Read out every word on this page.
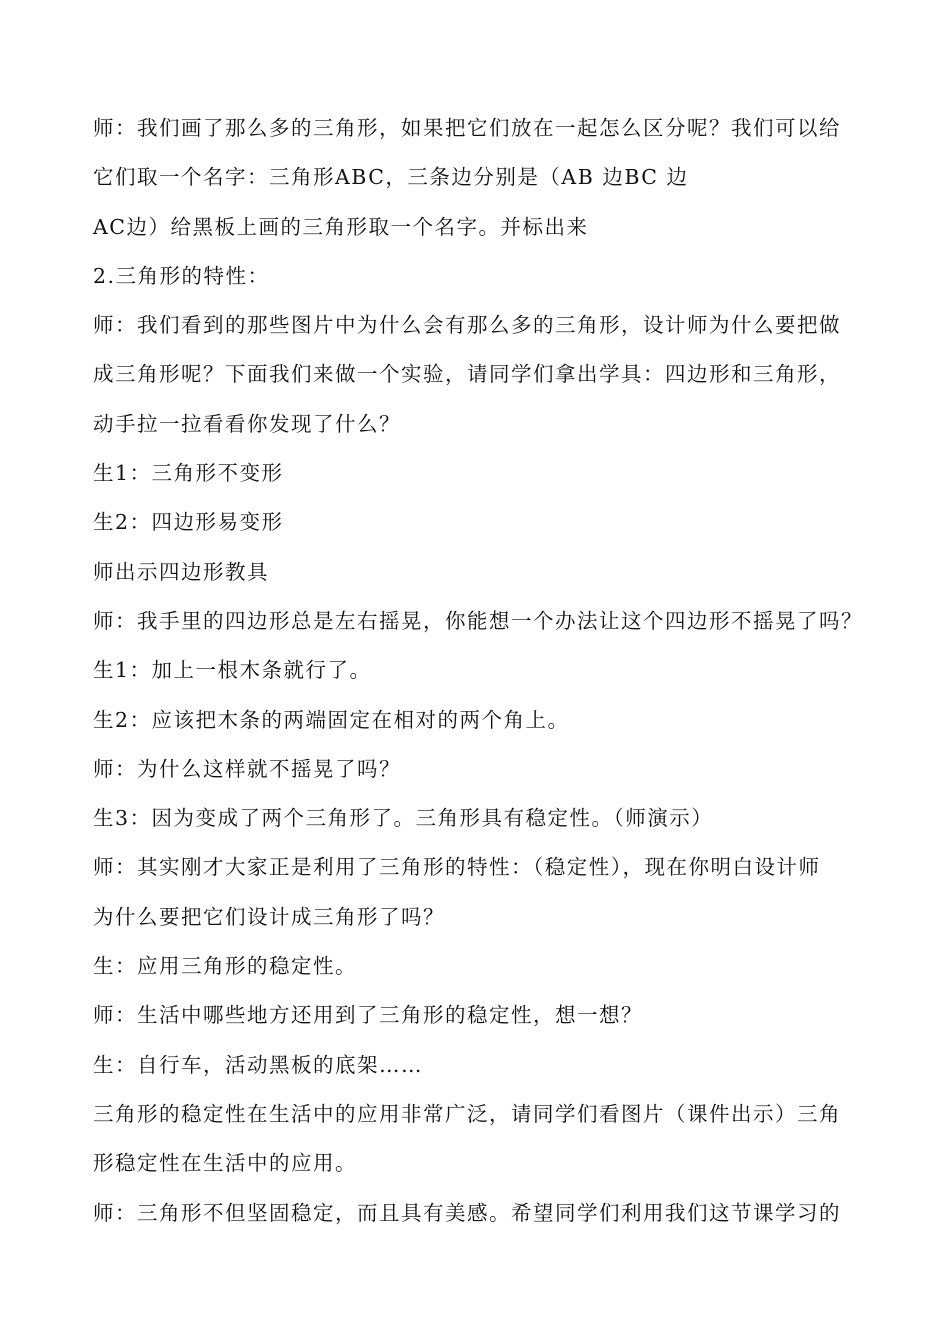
师：我们画了那么多的三角形，如果把它们放在一起怎么区分呢？我们可以给
它们取一个名字：三角形ABC，三条边分别是（AB 边BC 边
AC边）给黑板上画的三角形取一个名字。并标出来
2.三角形的特性：
师：我们看到的那些图片中为什么会有那么多的三角形，设计师为什么要把做
成三角形呢？下面我们来做一个实验，请同学们拿出学具：四边形和三角形，
动手拉一拉看看你发现了什么？
生1：三角形不变形
生2：四边形易变形
师出示四边形教具
师：我手里的四边形总是左右摇晃，你能想一个办法让这个四边形不摇晃了吗？
生1：加上一根木条就行了。
生2：应该把木条的两端固定在相对的两个角上。
师：为什么这样就不摇晃了吗？
生3：因为变成了两个三角形了。三角形具有稳定性。（师演示）
师：其实刚才大家正是利用了三角形的特性：（稳定性），现在你明白设计师
为什么要把它们设计成三角形了吗？
生：应用三角形的稳定性。
师：生活中哪些地方还用到了三角形的稳定性，想一想？
生：自行车，活动黑板的底架……
三角形的稳定性在生活中的应用非常广泛，请同学们看图片（课件出示）三角
形稳定性在生活中的应用。
师：三角形不但坚固稳定，而且具有美感。希望同学们利用我们这节课学习的
